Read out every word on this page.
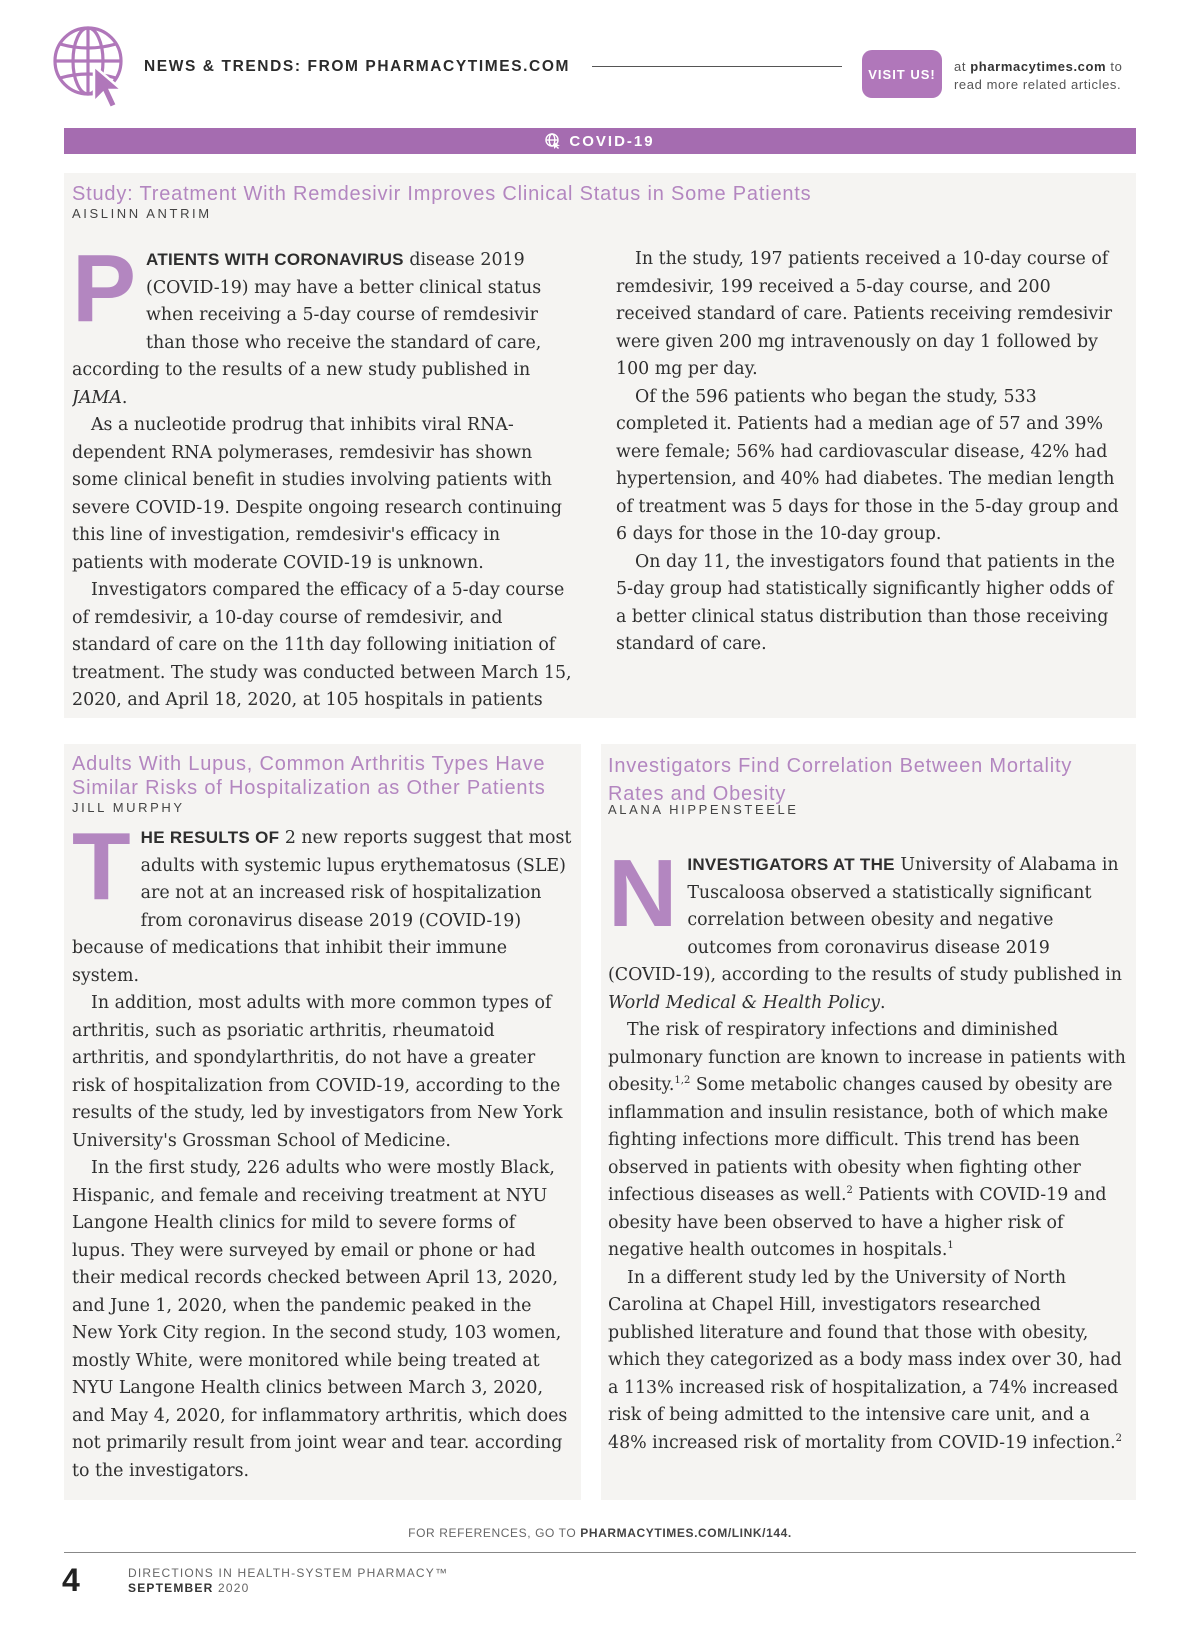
NEWS & TRENDS: FROM PHARMACYTIMES.COM	VISIT US!	at pharmacytimes.com to
read more related articles.
COVID-19
Study: Treatment With Remdesivir Improves Clinical Status in Some Patients
AISLINN ANTRIM

PATIENTS WITH CORONAVIRUS disease 2019 (COVID-19) may have a better clinical status when receiving a 5-day course of remdesivir than those who receive the standard of care, according to the results of a new study published in JAMA.

As a nucleotide prodrug that inhibits viral RNA-dependent RNA polymerases, remdesivir has shown some clinical benefit in studies involving patients with severe COVID-19. Despite ongoing research continuing this line of investigation, remdesivir's efficacy in patients with moderate COVID-19 is unknown.

Investigators compared the efficacy of a 5-day course of remdesivir, a 10-day course of remdesivir, and standard of care on the 11th day following initiation of treatment. The study was conducted between March 15, 2020, and April 18, 2020, at 105 hospitals in patients

In the study, 197 patients received a 10-day course of remdesivir, 199 received a 5-day course, and 200 received standard of care. Patients receiving remdesivir were given 200 mg intravenously on day 1 followed by 100 mg per day.

Of the 596 patients who began the study, 533 completed it. Patients had a median age of 57 and 39% were female; 56% had cardiovascular disease, 42% had hypertension, and 40% had diabetes. The median length of treatment was 5 days for those in the 5-day group and 6 days for those in the 10-day group.

On day 11, the investigators found that patients in the 5-day group had statistically significantly higher odds of a better clinical status distribution than those receiving standard of care.

Adults With Lupus, Common Arthritis Types Have Similar Risks of Hospitalization as Other Patients
JILL MURPHY

THE RESULTS OF 2 new reports suggest that most adults with systemic lupus erythematosus (SLE) are not at an increased risk of hospitalization from coronavirus disease 2019 (COVID-19) because of medications that inhibit their immune system.

In addition, most adults with more common types of arthritis, such as psoriatic arthritis, rheumatoid arthritis, and spondylarthritis, do not have a greater risk of hospitalization from COVID-19, according to the results of the study, led by investigators from New York University's Grossman School of Medicine.

In the first study, 226 adults who were mostly Black, Hispanic, and female and receiving treatment at NYU Langone Health clinics for mild to severe forms of lupus. They were surveyed by email or phone or had their medical records checked between April 13, 2020, and June 1, 2020, when the pandemic peaked in the New York City region. In the second study, 103 women, mostly White, were monitored while being treated at NYU Langone Health clinics between March 3, 2020, and May 4, 2020, for inflammatory arthritis, which does not primarily result from joint wear and tear. according to the investigators.

Investigators Find Correlation Between Mortality Rates and Obesity
ALANA HIPPENSTEELE

NINVESTIGATORS AT THE University of Alabama in Tuscaloosa observed a statistically significant correlation between obesity and negative outcomes from coronavirus disease 2019 (COVID-19), according to the results of study published in World Medical & Health Policy.

The risk of respiratory infections and diminished pulmonary function are known to increase in patients with obesity.$^{1,2}$ Some metabolic changes caused by obesity are inflammation and insulin resistance, both of which make fighting infections more difficult. This trend has been observed in patients with obesity when fighting other infectious diseases as well.$^2$ Patients with COVID-19 and obesity have been observed to have a higher risk of negative health outcomes in hospitals.$^1$

In a different study led by the University of North Carolina at Chapel Hill, investigators researched published literature and found that those with obesity, which they categorized as a body mass index over 30, had a 113% increased risk of hospitalization, a 74% increased risk of being admitted to the intensive care unit, and a 48% increased risk of mortality from COVID-19 infection.$^2$

FOR REFERENCES, GO TO PHARMACYTIMES.COM/LINK/144.
4	DIRECTIONS IN HEALTH-SYSTEM PHARMACY™
SEPTEMBER 2020
